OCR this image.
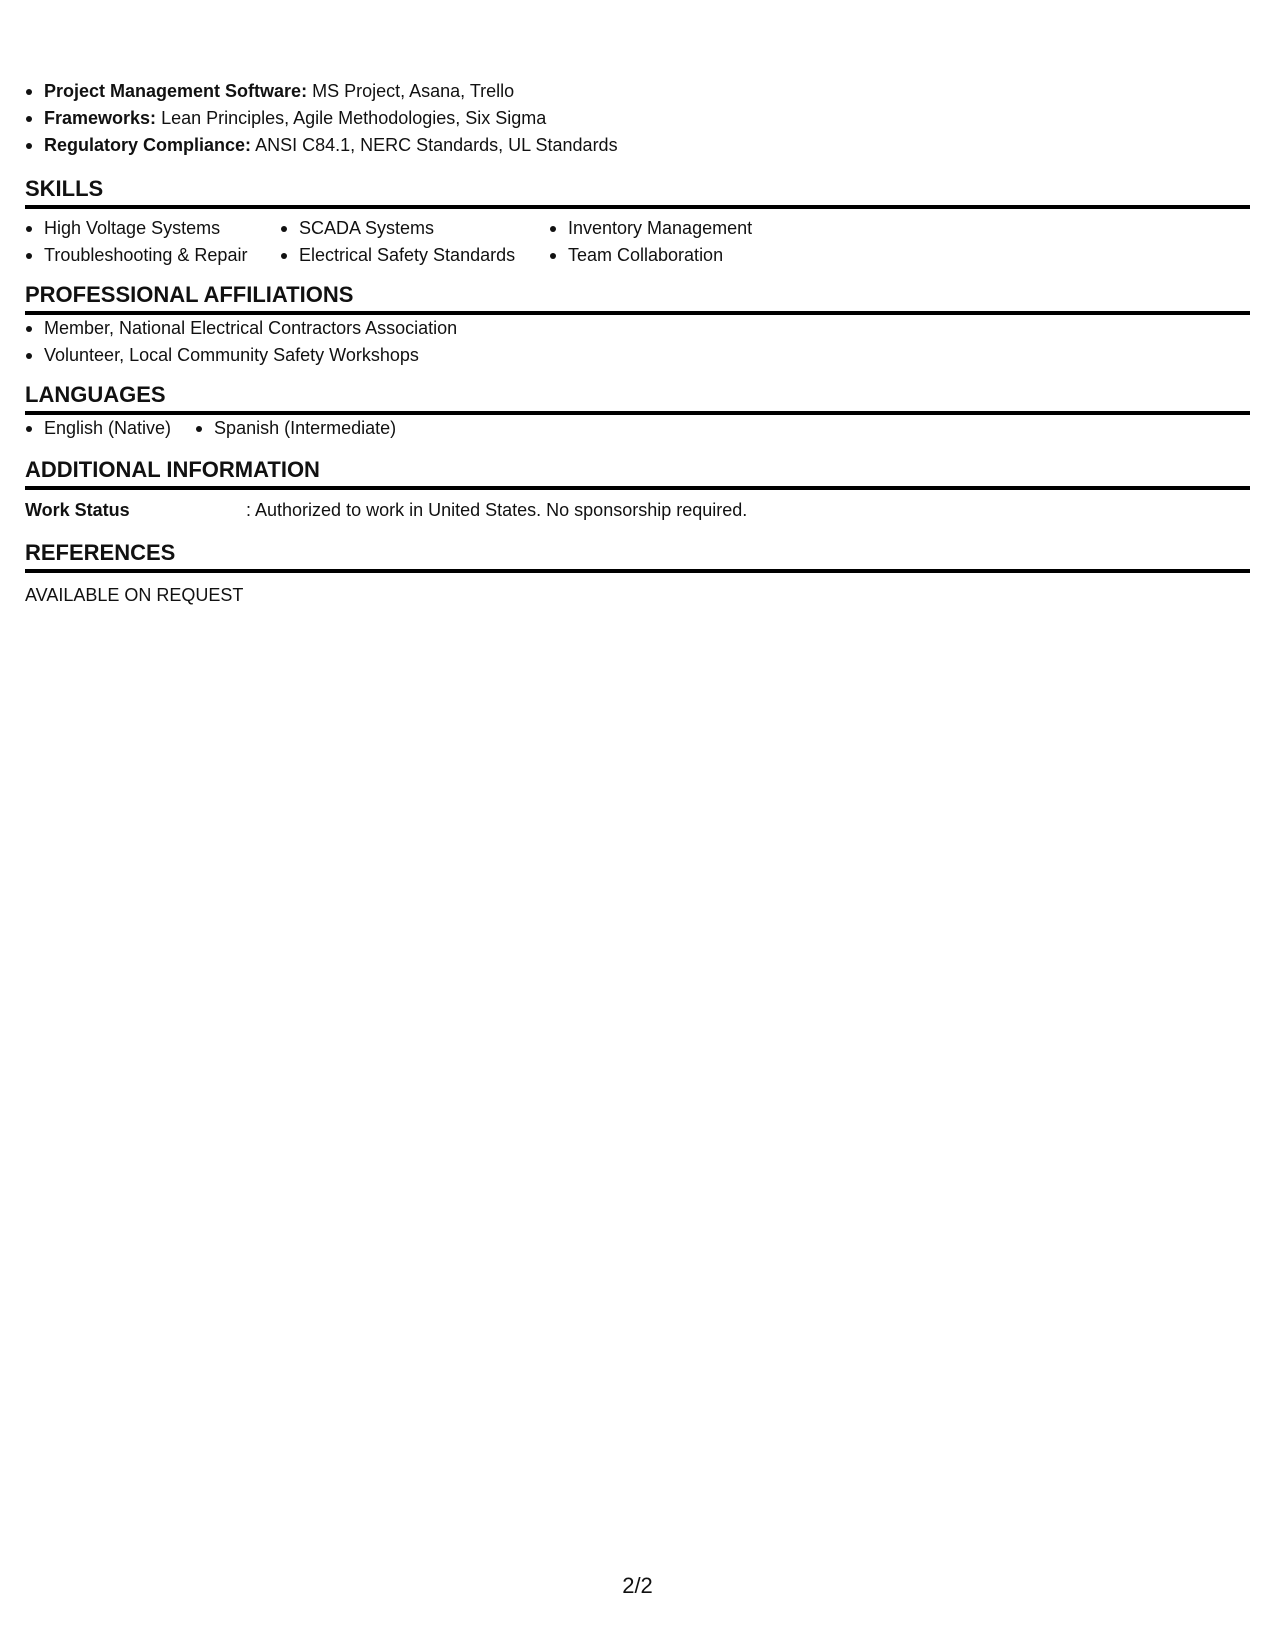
Project Management Software: MS Project, Asana, Trello
Frameworks: Lean Principles, Agile Methodologies, Six Sigma
Regulatory Compliance: ANSI C84.1, NERC Standards, UL Standards
SKILLS
High Voltage Systems
Troubleshooting & Repair
SCADA Systems
Electrical Safety Standards
Inventory Management
Team Collaboration
PROFESSIONAL AFFILIATIONS
Member, National Electrical Contractors Association
Volunteer, Local Community Safety Workshops
LANGUAGES
English (Native)	Spanish (Intermediate)
ADDITIONAL INFORMATION
Work Status	: Authorized to work in United States. No sponsorship required.
REFERENCES
AVAILABLE ON REQUEST
2/2
